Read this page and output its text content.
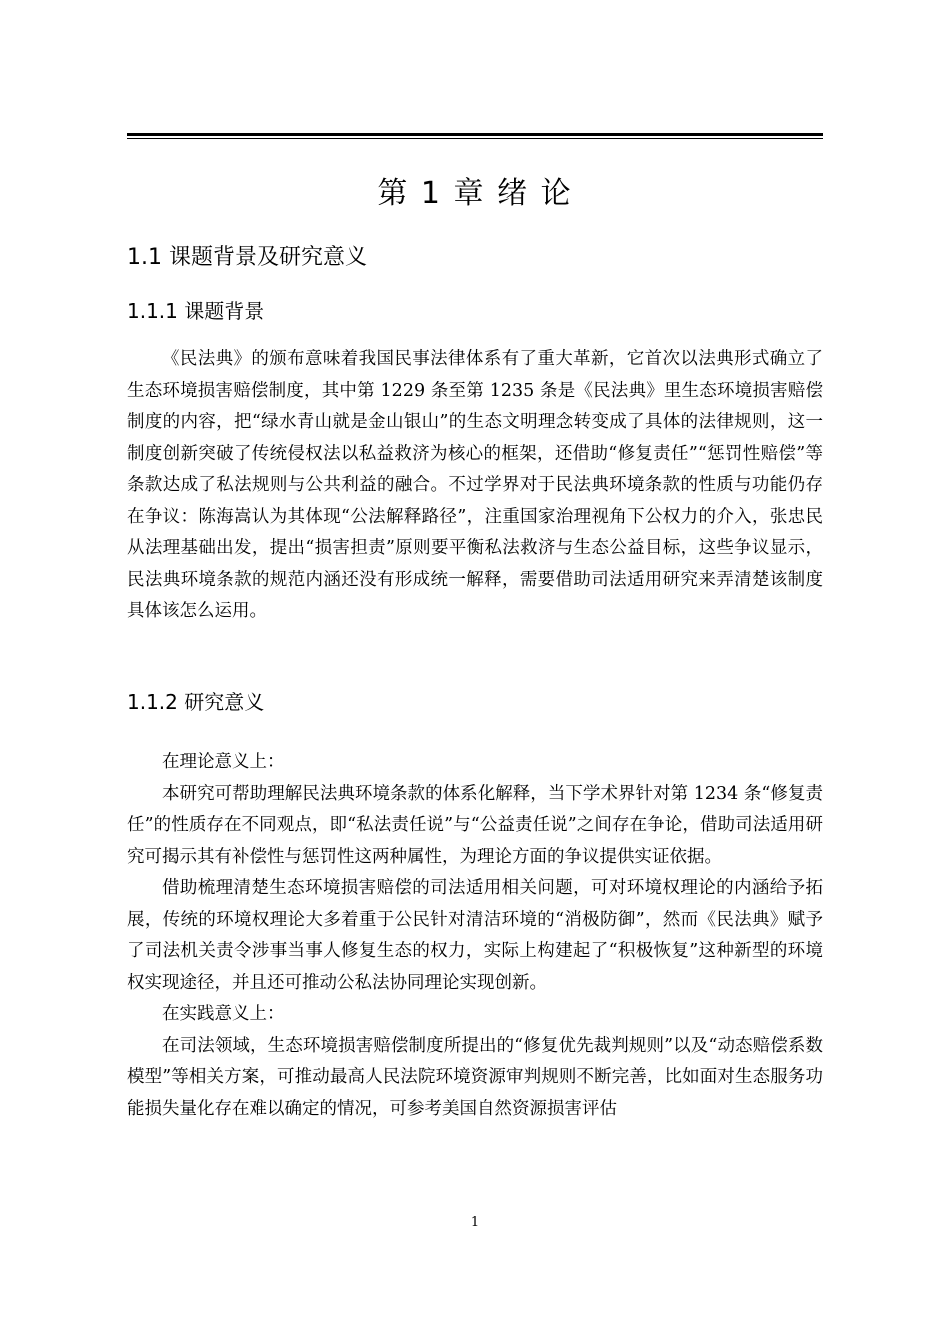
第 1 章 绪 论
1.1 课题背景及研究意义
1.1.1 课题背景

《民法典》的颁布意味着我国民事法律体系有了重大革新，它首次以法典形式确立了生态环境损害赔偿制度，其中第 1229 条至第 1235 条是《民法典》里生态环境损害赔偿制度的内容，把“绿水青山就是金山银山”的生态文明理念转变成了具体的法律规则，这一制度创新突破了传统侵权法以私益救济为核心的框架，还借助“修复责任”“惩罚性赔偿”等条款达成了私法规则与公共利益的融合。不过学界对于民法典环境条款的性质与功能仍存在争议：陈海嵩认为其体现“公法解释路径”，注重国家治理视角下公权力的介入，张忠民从法理基础出发，提出“损害担责”原则要平衡私法救济与生态公益目标，这些争议显示，民法典环境条款的规范内涵还没有形成统一解释，需要借助司法适用研究来弄清楚该制度具体该怎么运用。

1.1.2 研究意义

在理论意义上：

本研究可帮助理解民法典环境条款的体系化解释，当下学术界针对第 1234 条“修复责任”的性质存在不同观点，即“私法责任说”与“公益责任说”之间存在争论，借助司法适用研究可揭示其有补偿性与惩罚性这两种属性，为理论方面的争议提供实证依据。

借助梳理清楚生态环境损害赔偿的司法适用相关问题，可对环境权理论的内涵给予拓展，传统的环境权理论大多着重于公民针对清洁环境的“消极防御”，然而《民法典》赋予了司法机关责令涉事当事人修复生态的权力，实际上构建起了“积极恢复”这种新型的环境权实现途径，并且还可推动公私法协同理论实现创新。

在实践意义上：

在司法领域，生态环境损害赔偿制度所提出的“修复优先裁判规则”以及“动态赔偿系数模型”等相关方案，可推动最高人民法院环境资源审判规则不断完善，比如面对生态服务功能损失量化存在难以确定的情况，可参考美国自然资源损害评估

1
